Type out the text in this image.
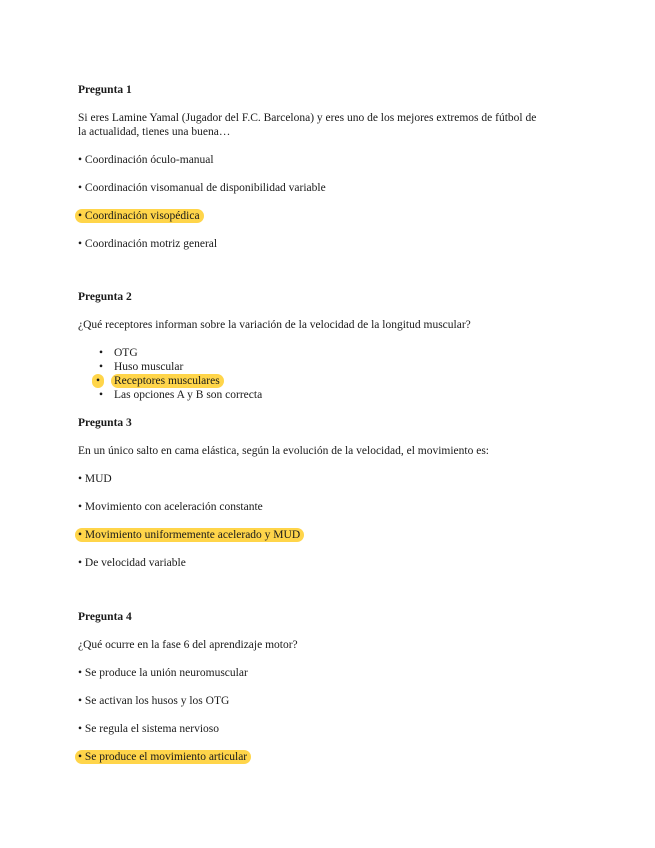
Pregunta 1

Si eres Lamine Yamal (Jugador del F.C. Barcelona) y eres uno de los mejores extremos de fútbol de la actualidad, tienes una buena…

• Coordinación óculo-manual
• Coordinación visomanual de disponibilidad variable
• Coordinación visopédica
• Coordinación motriz general

Pregunta 2

¿Qué receptores informan sobre la variación de la velocidad de la longitud muscular?

• OTG
• Huso muscular
•	Receptores musculares
• Las opciones A y B son correcta

Pregunta 3

En un único salto en cama elástica, según la evolución de la velocidad, el movimiento es:

• MUD
• Movimiento con aceleración constante
• Movimiento uniformemente acelerado y MUD
• De velocidad variable

Pregunta 4

¿Qué ocurre en la fase 6 del aprendizaje motor?

• Se produce la unión neuromuscular
• Se activan los husos y los OTG
• Se regula el sistema nervioso
• Se produce el movimiento articular
